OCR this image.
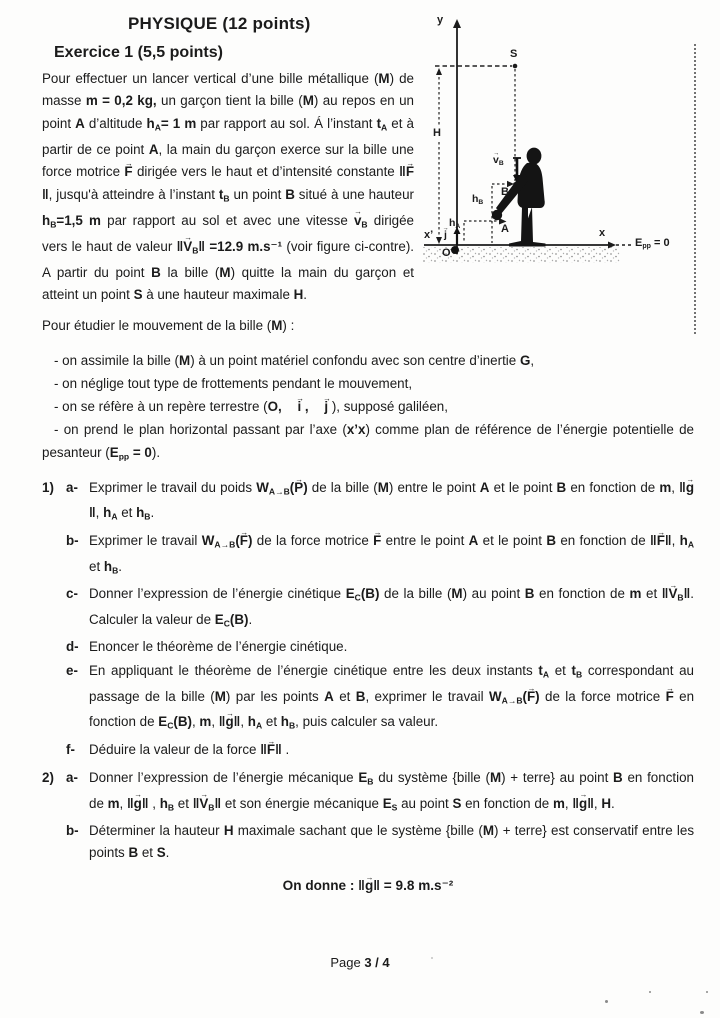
y
S
H
$v \to_B$
B
$h_B$
$h_A$
j →
O
x’	x
A
$E_{pp} = 0$
PHYSIQUE (12 points)
Exercice 1 (5,5 points)

Pour effectuer un lancer vertical d’une bille métallique (M) de masse m = 0,2 kg, un garçon tient la bille (M) au repos en un point A d’altitude $h_A= 1$ m par rapport au sol. Á l’instant $t_A$ et à partir de ce point A, la main du garçon exerce sur la bille une force motrice F → dirigée vers le haut et d’intensité constante ‖F →‖, jusqu'à atteindre à l’instant $t_B$ un point B situé à une hauteur $h_B=1,5$ m par rapport au sol et avec une vitesse $v \to_B$ dirigée vers le haut de valeur ‖V $\to_B‖ =12.9$ m.s⁻¹ (voir figure ci-contre). A partir du point B la bille (M) quitte la main du garçon et atteint un point S à une hauteur maximale H.

Pour étudier le mouvement de la bille (M) :

- on assimile la bille (M) à un point matériel confondu avec son centre d’inertie G,
- on néglige tout type de frottements pendant le mouvement,
- on se réfère à un repère terrestre (O, i → , j → ), supposé galiléen,
- on prend le plan horizontal passant par l’axe (x’x) comme plan de référence de l’énergie potentielle de pesanteur $(E_{pp} = 0)$.
1) a- Exprimer le travail du poids $W_{A\to B}(P$ →) de la bille (M) entre le point A et le point B en fonction de m, ‖g →‖, $h_A$ et $h_B$.
b- Exprimer le travail $W_{A\to B}(F$ →) de la force motrice F → entre le point A et le point B en fonction de ‖F →‖, $h_A$ et $h_B$.
c- Donner l’expression de l’énergie cinétique $E_C(B)$ de la bille (M) au point B en fonction de m et ‖V $\to_B‖$. Calculer la valeur de $E_C(B)$.
d- Enoncer le théorème de l’énergie cinétique.
e- En appliquant le théorème de l’énergie cinétique entre les deux instants $t_A$ et $t_B$ correspondant au passage de la bille (M) par les points A et B, exprimer le travail $W_{A\to B}(F$ →) de la force motrice F → en fonction de $E_C(B)$, m, ‖g →‖, $h_A$ et $h_B$, puis calculer sa valeur.
f-	Déduire la valeur de la force ‖F →‖ .
2) a- Donner l’expression de l’énergie mécanique $E_B$ du système {bille (M) + terre} au point B en fonction de m, ‖g →‖ , $h_B$ et ‖V $\to_B‖$ et son énergie mécanique $E_S$ au point S en fonction de m, ‖g →‖, H.
b- Déterminer la hauteur H maximale sachant que le système {bille (M) + terre} est conservatif entre les points B et S.

On donne : ‖g →‖ = 9.8 m.s⁻²

Page 3 / 4
